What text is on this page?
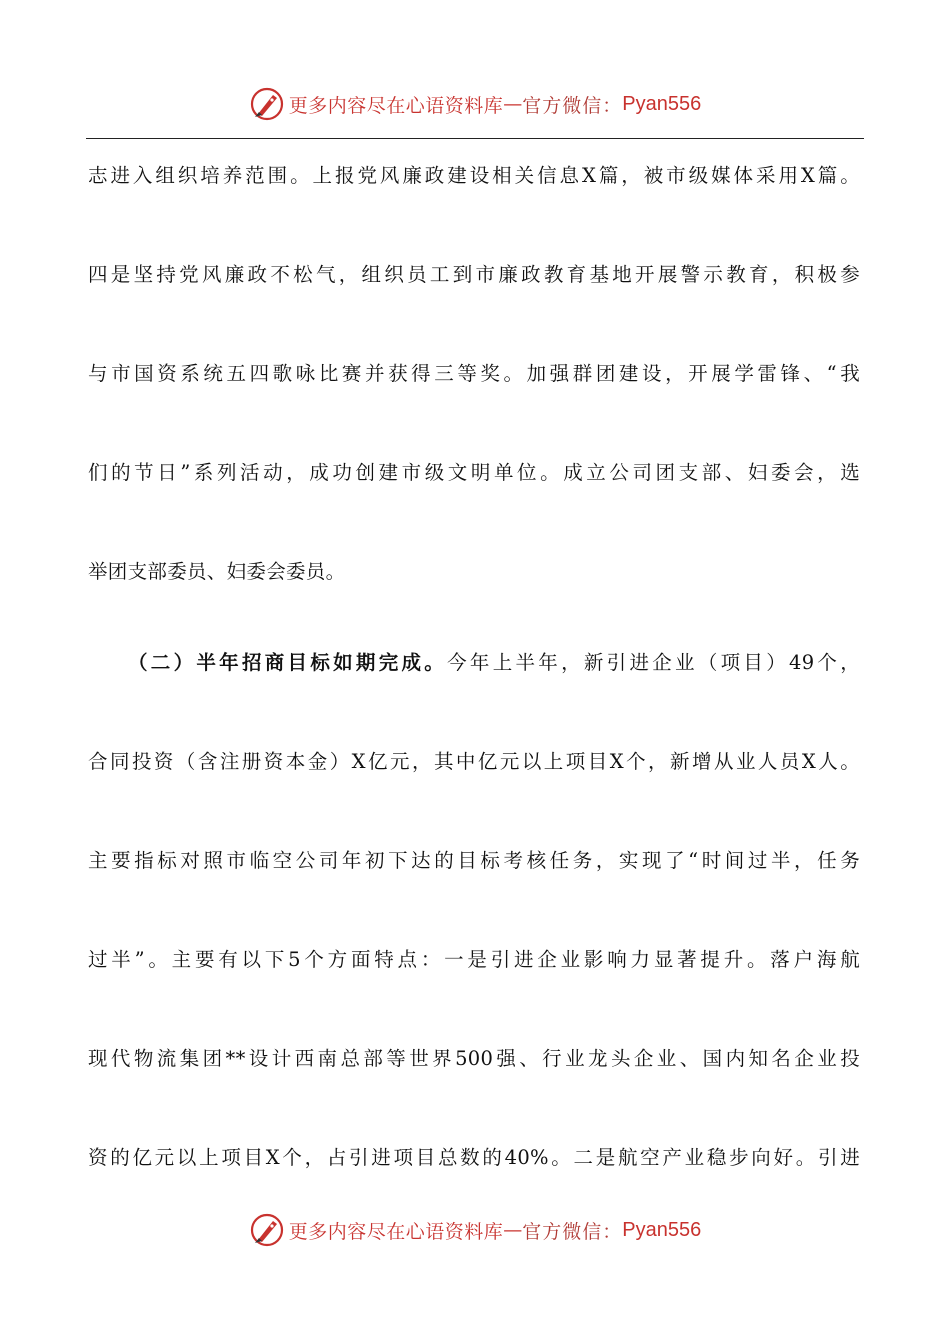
更多内容尽在心语资料库 — 官方微信： Pyan556
志进入组织培养范围。上报党风廉政建设相关信息X篇，被市级媒体采用X篇。
四是坚持党风廉政不松气，组织员工到市廉政教育基地开展警示教育，积极参
与市国资系统五四歌咏比赛并获得三等奖。加强群团建设，开展学雷锋、“我
们的节日”系列活动，成功创建市级文明单位。成立公司团支部、妇委会，选
举团支部委员、妇委会委员。
（二）半年招商目标如期完成。今年上半年，新引进企业（项目）49个，
合同投资（含注册资本金）X亿元，其中亿元以上项目X个，新增从业人员X人。
主要指标对照市临空公司年初下达的目标考核任务，实现了“时间过半，任务
过半”。主要有以下5个方面特点：一是引进企业影响力显著提升。落户海航
现代物流集团**设计西南总部等世界500强、行业龙头企业、国内知名企业投
资的亿元以上项目X个，占引进项目总数的40%。二是航空产业稳步向好。引进
更多内容尽在心语资料库 — 官方微信： Pyan556
